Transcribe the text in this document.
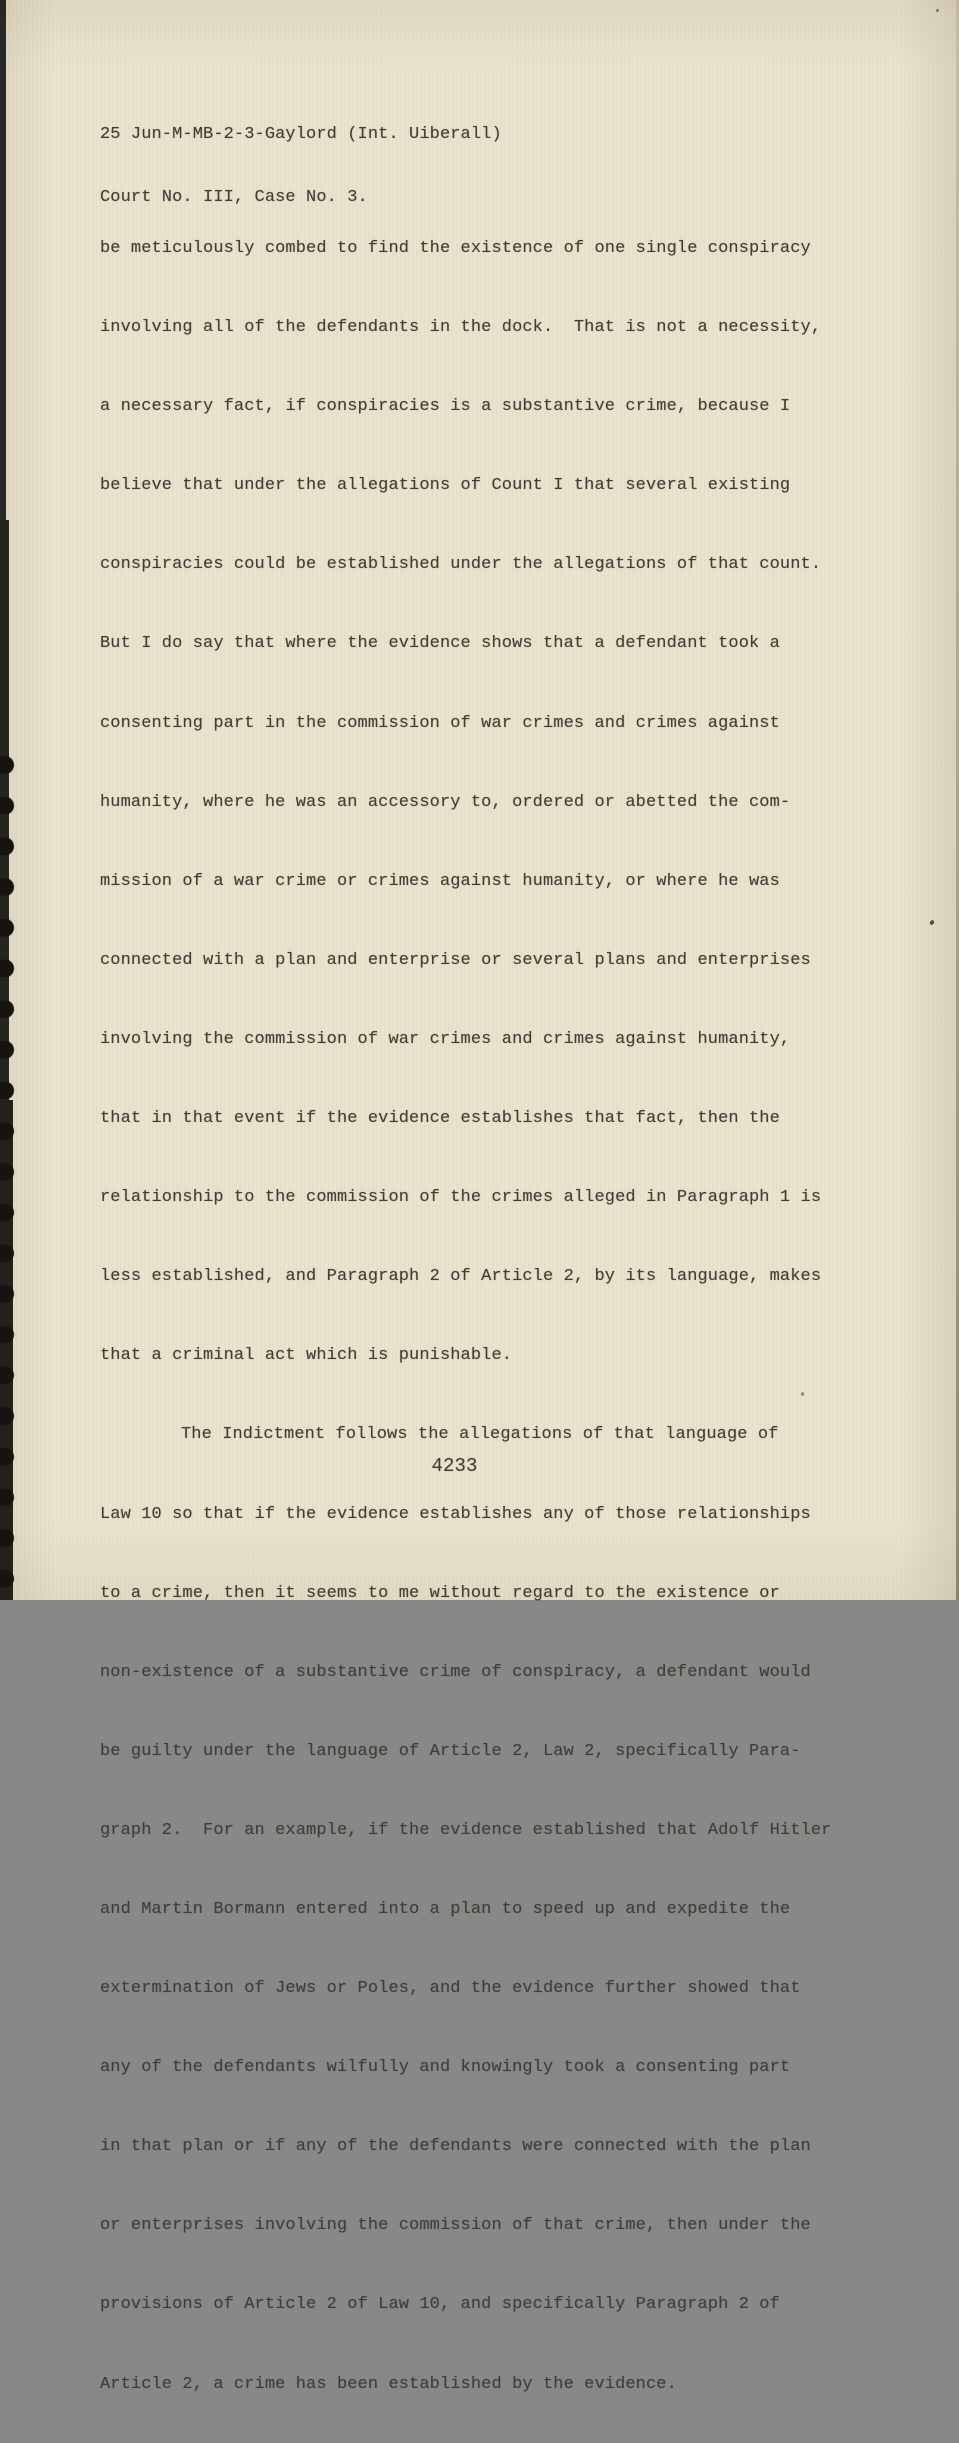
25 Jun-M-MB-2-3-Gaylord (Int. Uiberall)

Court No. III, Case No. 3.

be meticulously combed to find the existence of one single conspiracy

involving all of the defendants in the dock.  That is not a necessity,

a necessary fact, if conspiracies is a substantive crime, because I

believe that under the allegations of Count I that several existing

conspiracies could be established under the allegations of that count.

But I do say that where the evidence shows that a defendant took a

consenting part in the commission of war crimes and crimes against

humanity, where he was an accessory to, ordered or abetted the com-

mission of a war crime or crimes against humanity, or where he was

connected with a plan and enterprise or several plans and enterprises

involving the commission of war crimes and crimes against humanity,

that in that event if the evidence establishes that fact, then the

relationship to the commission of the crimes alleged in Paragraph 1 is

less established, and Paragraph 2 of Article 2, by its language, makes

that a criminal act which is punishable.

The Indictment follows the allegations of that language of

Law 10 so that if the evidence establishes any of those relationships

to a crime, then it seems to me without regard to the existence or

non-existence of a substantive crime of conspiracy, a defendant would

be guilty under the language of Article 2, Law 2, specifically Para-

graph 2.  For an example, if the evidence established that Adolf Hitler

and Martin Bormann entered into a plan to speed up and expedite the

extermination of Jews or Poles, and the evidence further showed that

any of the defendants wilfully and knowingly took a consenting part

in that plan or if any of the defendants were connected with the plan

or enterprises involving the commission of that crime, then under the

provisions of Article 2 of Law 10, and specifically Paragraph 2 of

Article 2, a crime has been established by the evidence.

4233
